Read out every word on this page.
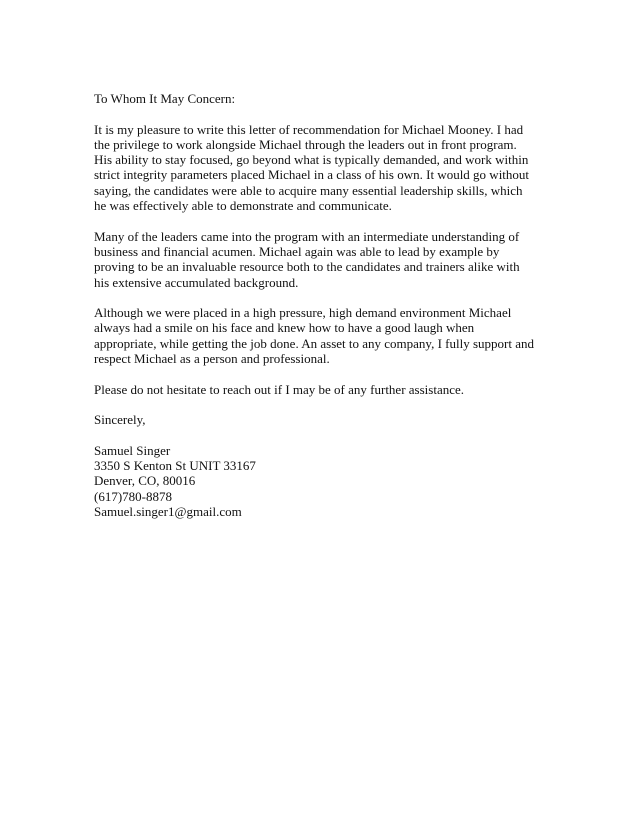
To Whom It May Concern:
It is my pleasure to write this letter of recommendation for Michael Mooney. I had
the privilege to work alongside Michael through the leaders out in front program.
His ability to stay focused, go beyond what is typically demanded, and work within
strict integrity parameters placed Michael in a class of his own. It would go without
saying, the candidates were able to acquire many essential leadership skills, which
he was effectively able to demonstrate and communicate.
Many of the leaders came into the program with an intermediate understanding of
business and financial acumen. Michael again was able to lead by example by
proving to be an invaluable resource both to the candidates and trainers alike with
his extensive accumulated background.
Although we were placed in a high pressure, high demand environment Michael
always had a smile on his face and knew how to have a good laugh when
appropriate, while getting the job done. An asset to any company, I fully support and
respect Michael as a person and professional.
Please do not hesitate to reach out if I may be of any further assistance.
Sincerely,
Samuel Singer
3350 S Kenton St UNIT 33167
Denver, CO, 80016
(617)780-8878
Samuel.singer1@gmail.com
